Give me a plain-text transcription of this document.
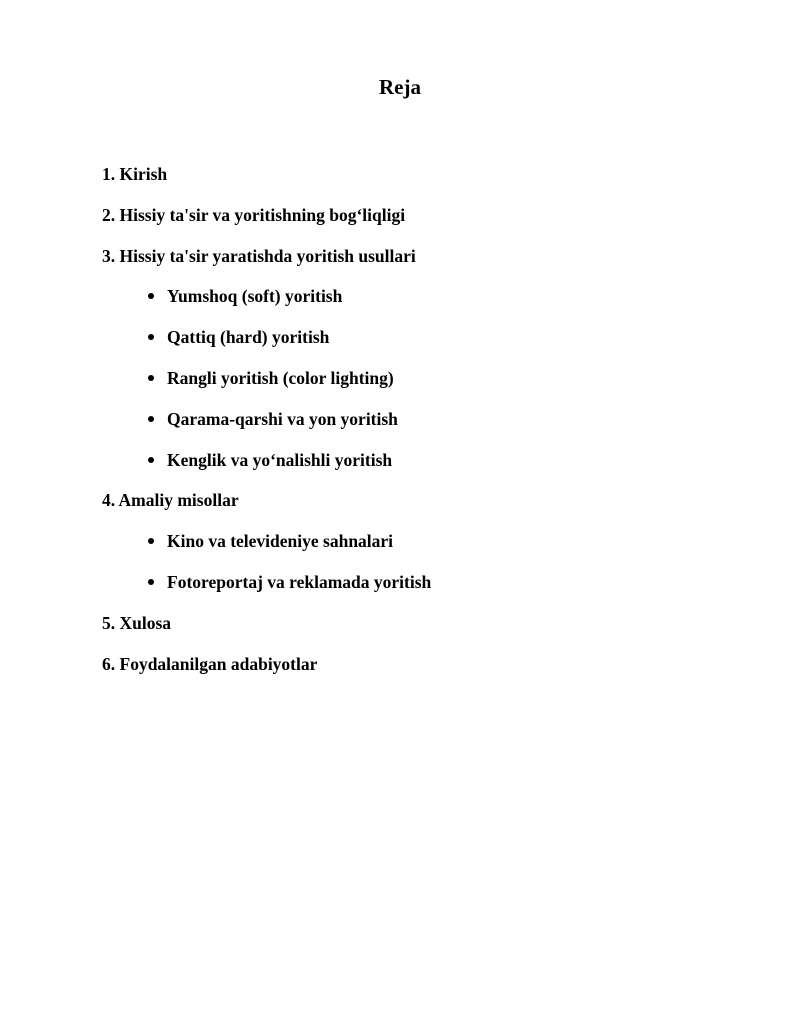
Reja
1. Kirish
2. Hissiy ta'sir va yoritishning bog‘liqligi
3. Hissiy ta'sir yaratishda yoritish usullari
Yumshoq (soft) yoritish
Qattiq (hard) yoritish
Rangli yoritish (color lighting)
Qarama-qarshi va yon yoritish
Kenglik va yo‘nalishli yoritish
4. Amaliy misollar
Kino va televideniye sahnalari
Fotoreportaj va reklamada yoritish
5. Xulosa
6. Foydalanilgan adabiyotlar
